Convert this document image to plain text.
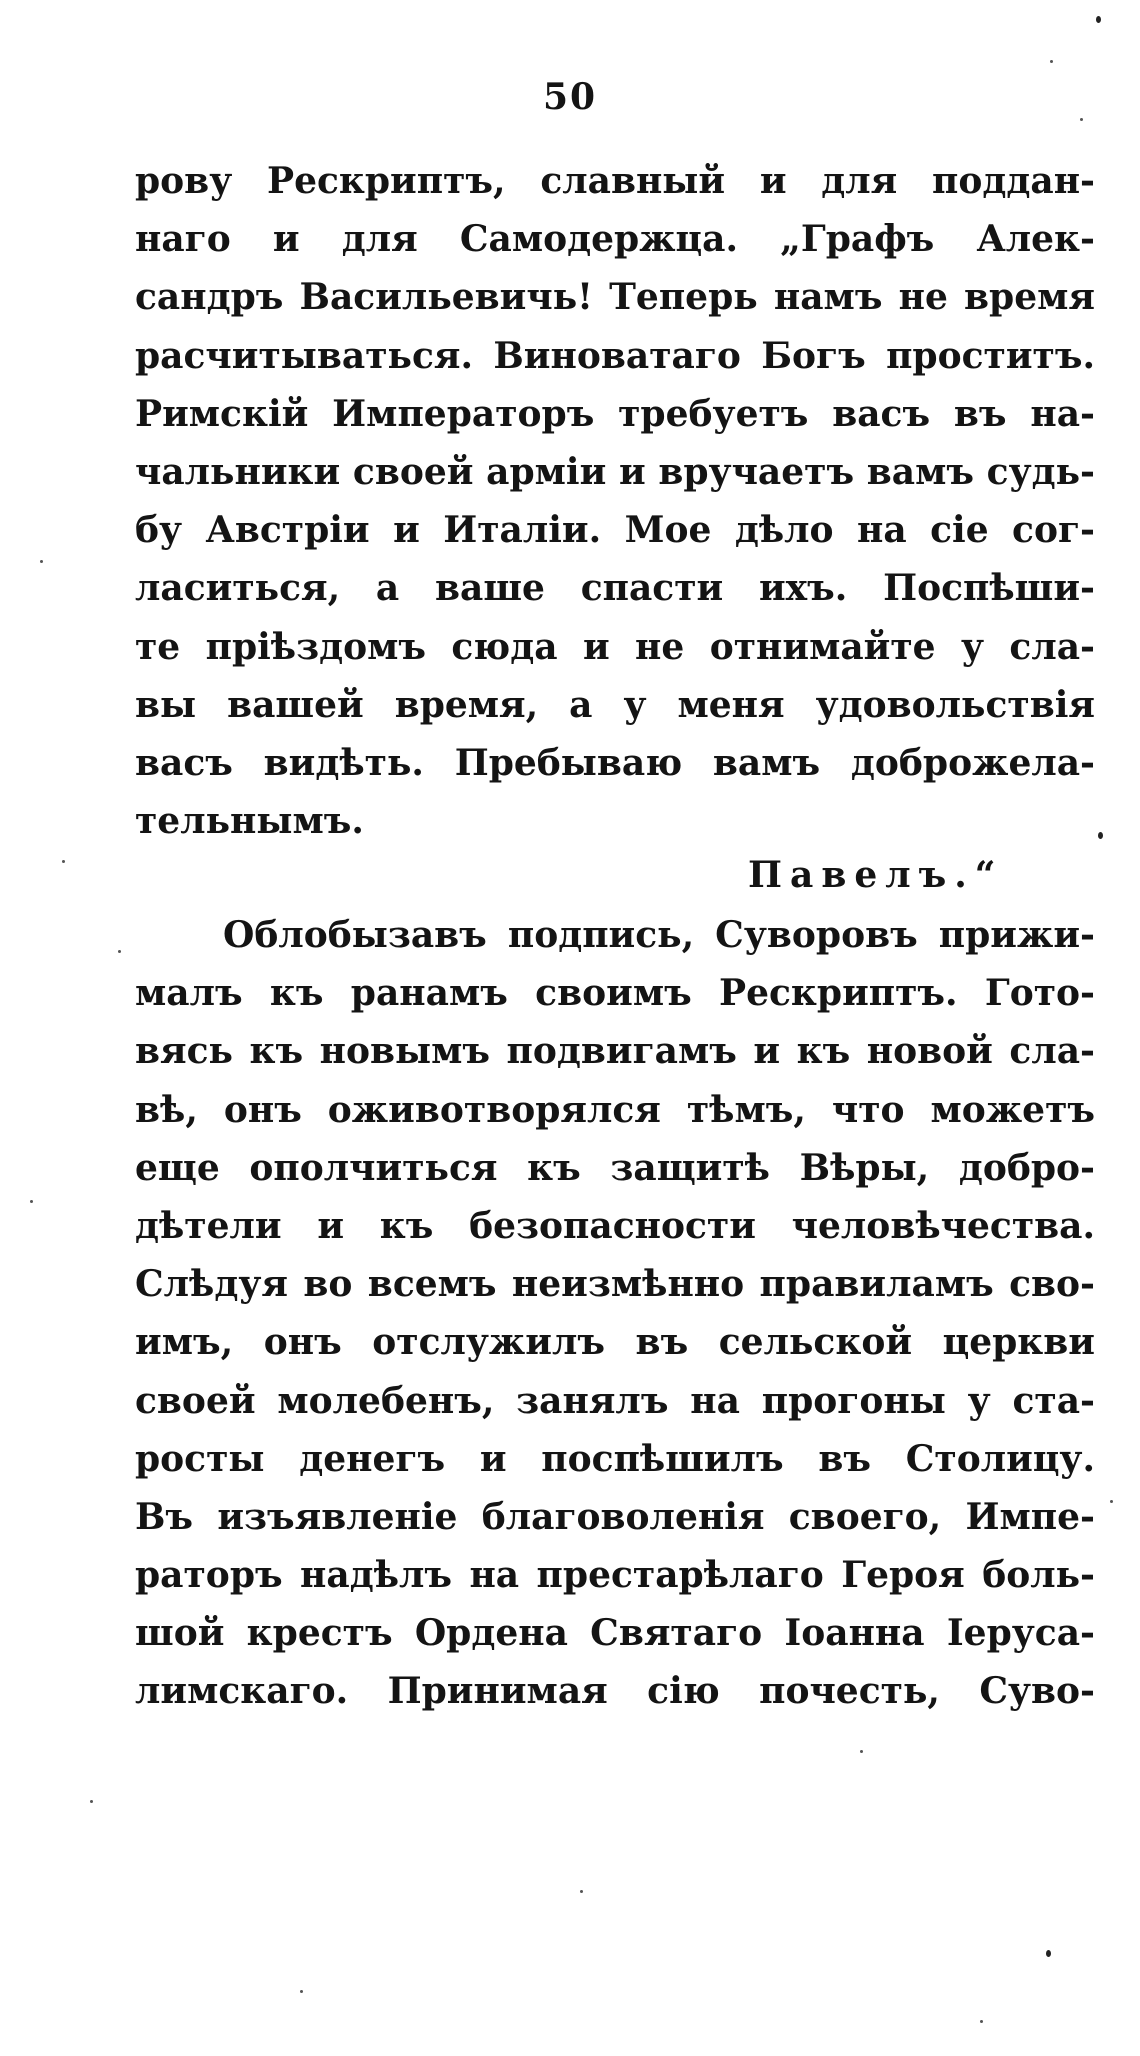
50
рову Рескриптъ, славный и для поддан-
наго и для Самодержца. „Графъ Алек-
сандръ Васильевичь! Теперь намъ не время
расчитываться. Виноватаго Богъ проститъ.
Римскій Императоръ требуетъ васъ въ на-
чальники своей арміи и вручаетъ вамъ судь-
бу Австріи и Италіи. Мое дѣло на сіе сог-
ласиться, а ваше спасти ихъ. Поспѣши-
те пріѣздомъ сюда и не отнимайте у сла-
вы вашей время, а у меня удовольствія
васъ видѣть. Пребываю вамъ доброжела-
тельнымъ.
Павелъ.“
Облобызавъ подпись, Суворовъ прижи-
малъ къ ранамъ своимъ Рескриптъ. Гото-
вясь къ новымъ подвигамъ и къ новой сла-
вѣ, онъ оживотворялся тѣмъ, что можетъ
еще ополчиться къ защитѣ Вѣры, добро-
дѣтели и къ безопасности человѣчества.
Слѣдуя во всемъ неизмѣнно правиламъ сво-
имъ, онъ отслужилъ въ сельской церкви
своей молебенъ, занялъ на прогоны у ста-
росты денегъ и поспѣшилъ въ Столицу.
Въ изъявленіе благоволенія своего, Импе-
раторъ надѣлъ на престарѣлаго Героя боль-
шой крестъ Ордена Святаго Іоанна Іеруса-
лимскаго. Принимая сію почесть, Суво-
